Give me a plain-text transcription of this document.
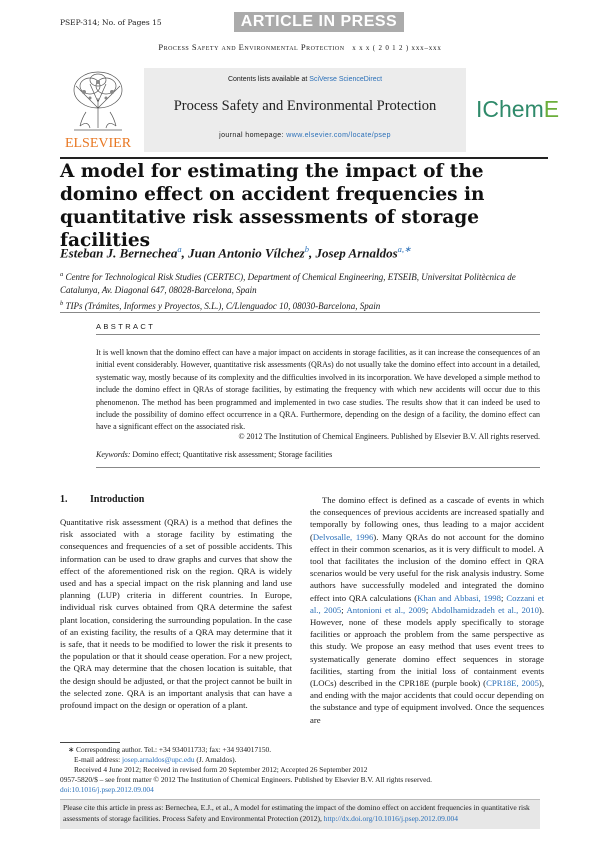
PSEP-314; No. of Pages 15	ARTICLE IN PRESS
Process Safety and Environmental Protection x x x ( 2 0 1 2 ) xxx–xxx
ELSEVIER
Contents lists available at SciVerse ScienceDirect
Process Safety and Environmental Protection
journal homepage: www.elsevier.com/locate/psep
IChemE
A model for estimating the impact of the domino effect on accident frequencies in quantitative risk assessments of storage facilities
Esteban J. Bernechea$^a$, Juan Antonio Vílchez$^b$, Josep Arnaldos$^{a,∗}$
$^a$ Centre for Technological Risk Studies (CERTEC), Department of Chemical Engineering, ETSEIB, Universitat Politècnica de Catalunya, Av. Diagonal 647, 08028-Barcelona, Spain
$^b$ TIPs (Trámites, Informes y Proyectos, S.L.), C/Llenguadoc 10, 08030-Barcelona, Spain
ABSTRACT
It is well known that the domino effect can have a major impact on accidents in storage facilities, as it can increase the consequences of an initial event considerably. However, quantitative risk assessments (QRAs) do not usually take the domino effect into account in a detailed, systematic way, mostly because of its complexity and the difficulties involved in its incorporation. We have developed a simple method to include the domino effect in QRAs of storage facilities, by estimating the frequency with which new accidents will occur due to this phenomenon. The method has been programmed and implemented in two case studies. The results show that it can indeed be used to include the possibility of domino effect occurrence in a QRA. Furthermore, depending on the design of a facility, the domino effect can have a significant effect on the associated risk.
© 2012 The Institution of Chemical Engineers. Published by Elsevier B.V. All rights reserved.
Keywords: Domino effect; Quantitative risk assessment; Storage facilities
1. Introduction
Quantitative risk assessment (QRA) is a method that defines the risk associated with a storage facility by estimating the consequences and frequencies of a set of possible accidents. This information can be used to draw graphs and curves that show the effect of the aforementioned risk on the region. QRA is widely used and has a special impact on the risk planning and land use planning (LUP) criteria in different countries. In Europe, individual risk curves obtained from QRA determine the safest plant location, considering the surrounding population. In the case of an existing facility, the results of a QRA may determine that it is safe, that it needs to be modified to lower the risk it presents to the population or that it should cease operation. For a new project, the QRA may determine that the chosen location is suitable, that the design should be adjusted, or that the project cannot be built in the selected zone. QRA is an important analysis that can have a profound impact on the design or operation of a plant.
The domino effect is defined as a cascade of events in which the consequences of previous accidents are increased spatially and temporally by following ones, thus leading to a major accident (Delvosalle, 1996). Many QRAs do not account for the domino effect in their common scenarios, as it is very difficult to model. A tool that facilitates the inclusion of the domino effect in QRA scenarios would be very useful for the risk analysis industry. Some authors have successfully modeled and integrated the domino effect into QRA calculations (Khan and Abbasi, 1998; Cozzani et al., 2005; Antonioni et al., 2009; Abdolhamidzadeh et al., 2010). However, none of these models apply specifically to storage facilities or approach the problem from the same perspective as this study. We propose an easy method that uses event trees to systematically generate domino effect sequences in storage facilities, starting from the initial loss of containment events (LOCs) described in the CPR18E (purple book) (CPR18E, 2005), and ending with the major accidents that could occur depending on the substance and type of equipment involved. Once the sequences are
∗ Corresponding author. Tel.: +34 934011733; fax: +34 934017150.
E-mail address: josep.arnaldos@upc.edu (J. Arnaldos).
Received 4 June 2012; Received in revised form 20 September 2012; Accepted 26 September 2012
0957-5820/$ – see front matter © 2012 The Institution of Chemical Engineers. Published by Elsevier B.V. All rights reserved.
doi:10.1016/j.psep.2012.09.004
Please cite this article in press as: Bernechea, E.J., et al., A model for estimating the impact of the domino effect on accident frequencies in quantitative risk assessments of storage facilities. Process Safety and Environmental Protection (2012), http://dx.doi.org/10.1016/j.psep.2012.09.004
